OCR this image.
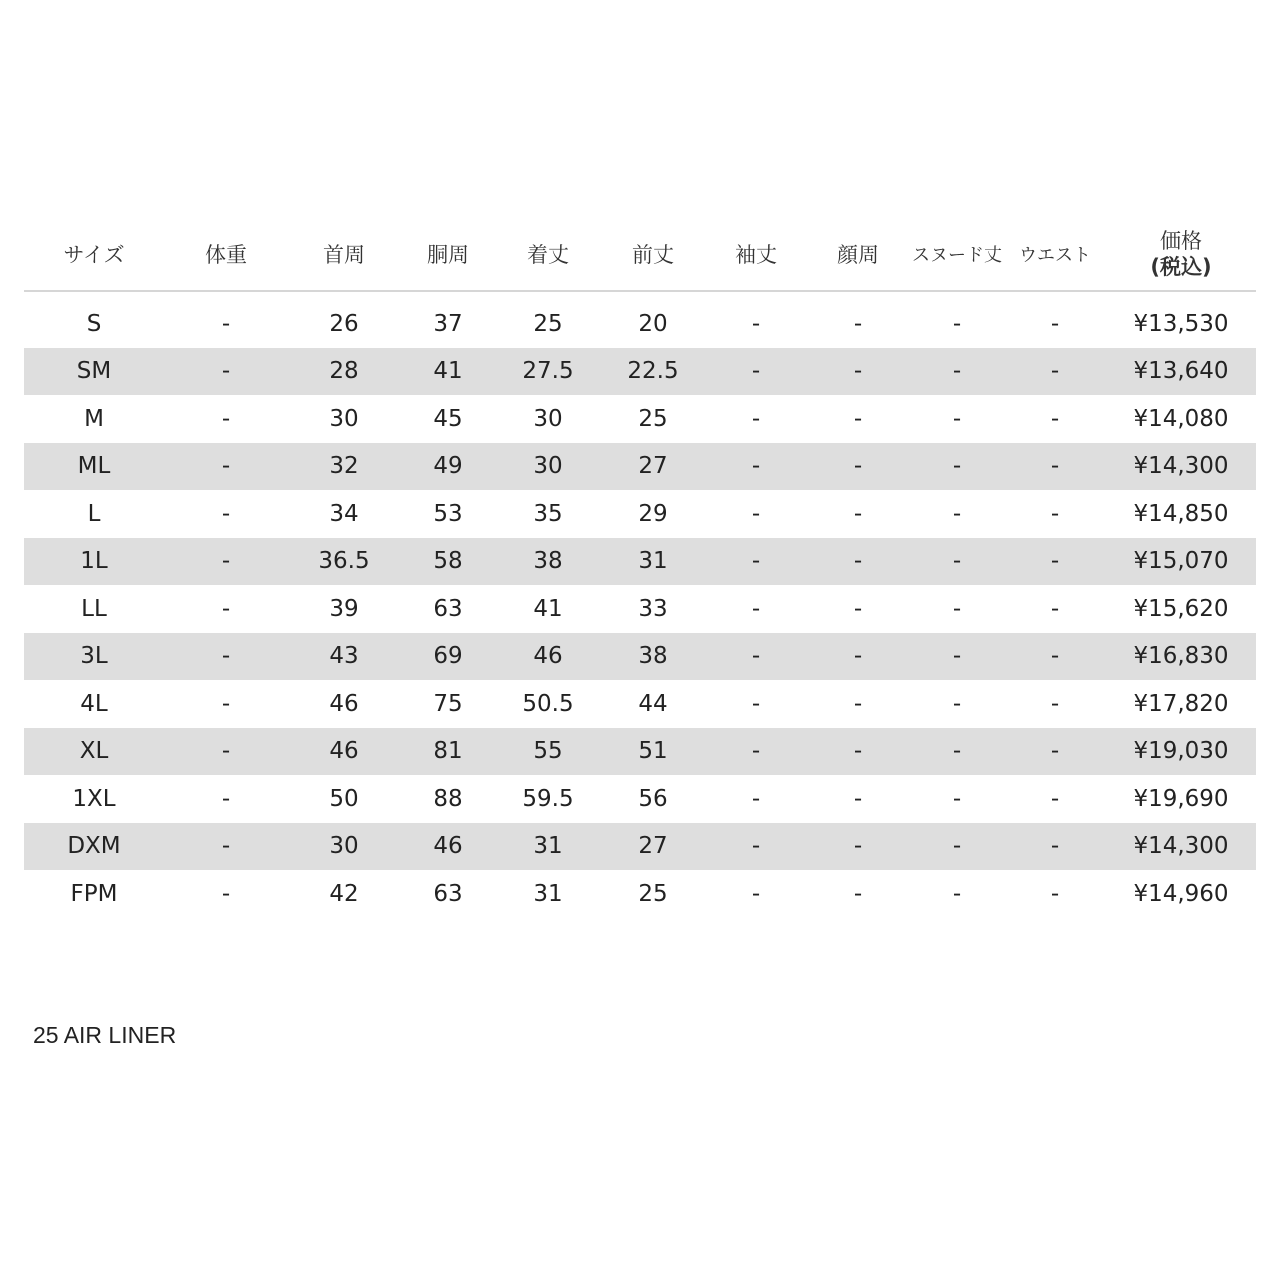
サイズ	体重	首周	胴周	着丈	前丈	袖丈	顔周	スヌード丈	ウエスト	価格
(税込)

S	-	26	37	25	20	-	-	-	-	¥13,530
SM	-	28	41	27.5	22.5	-	-	-	-	¥13,640
M	-	30	45	30	25	-	-	-	-	¥14,080
ML	-	32	49	30	27	-	-	-	-	¥14,300
L	-	34	53	35	29	-	-	-	-	¥14,850
1L	-	36.5	58	38	31	-	-	-	-	¥15,070
LL	-	39	63	41	33	-	-	-	-	¥15,620
3L	-	43	69	46	38	-	-	-	-	¥16,830
4L	-	46	75	50.5	44	-	-	-	-	¥17,820
XL	-	46	81	55	51	-	-	-	-	¥19,030
1XL	-	50	88	59.5	56	-	-	-	-	¥19,690
DXM	-	30	46	31	27	-	-	-	-	¥14,300
FPM	-	42	63	31	25	-	-	-	-	¥14,960

25 AIR LINER
